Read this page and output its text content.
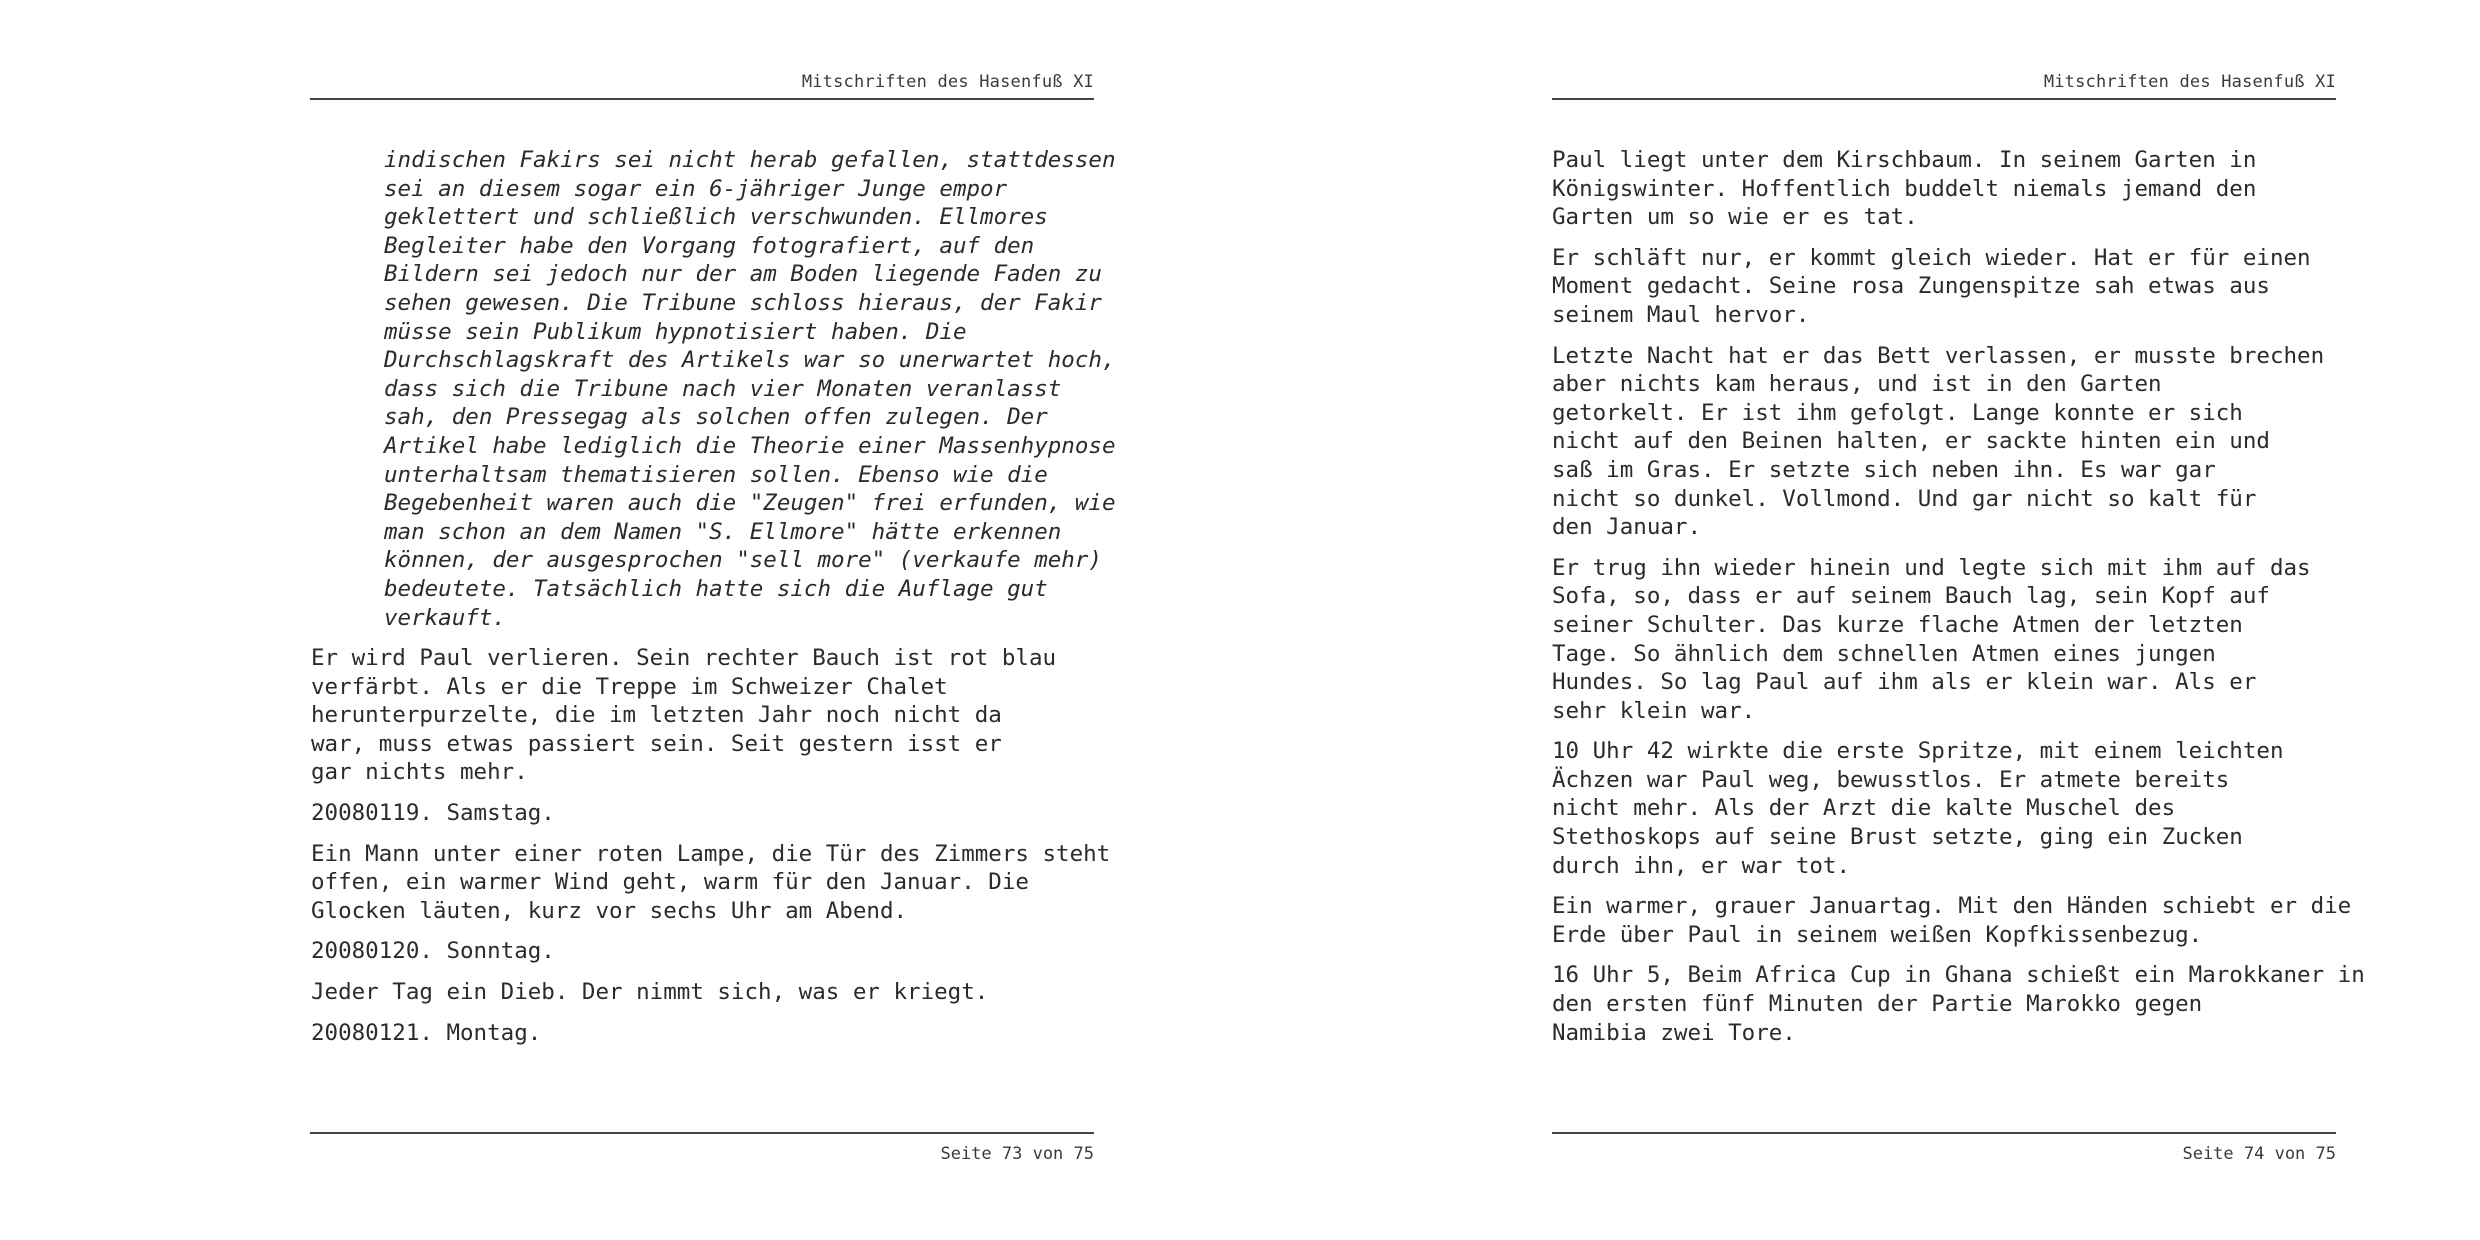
Mitschriften des Hasenfuß XI
indischen Fakirs sei nicht herab gefallen, stattdessen
sei an diesem sogar ein 6-jähriger Junge empor
geklettert und schließlich verschwunden. Ellmores
Begleiter habe den Vorgang fotografiert, auf den
Bildern sei jedoch nur der am Boden liegende Faden zu
sehen gewesen. Die Tribune schloss hieraus, der Fakir
müsse sein Publikum hypnotisiert haben. Die
Durchschlagskraft des Artikels war so unerwartet hoch,
dass sich die Tribune nach vier Monaten veranlasst
sah, den Pressegag als solchen offen zulegen. Der
Artikel habe lediglich die Theorie einer Massenhypnose
unterhaltsam thematisieren sollen. Ebenso wie die
Begebenheit waren auch die "Zeugen" frei erfunden, wie
man schon an dem Namen "S. Ellmore" hätte erkennen
können, der ausgesprochen "sell more" (verkaufe mehr)
bedeutete. Tatsächlich hatte sich die Auflage gut
verkauft.
Er wird Paul verlieren. Sein rechter Bauch ist rot blau
verfärbt. Als er die Treppe im Schweizer Chalet
herunterpurzelte, die im letzten Jahr noch nicht da
war, muss etwas passiert sein. Seit gestern isst er
gar nichts mehr.
20080119. Samstag.
Ein Mann unter einer roten Lampe, die Tür des Zimmers steht
offen, ein warmer Wind geht, warm für den Januar. Die
Glocken läuten, kurz vor sechs Uhr am Abend.
20080120. Sonntag.
Jeder Tag ein Dieb. Der nimmt sich, was er kriegt.
20080121. Montag.
Seite 73 von 75
Mitschriften des Hasenfuß XI
Paul liegt unter dem Kirschbaum. In seinem Garten in
Königswinter. Hoffentlich buddelt niemals jemand den
Garten um so wie er es tat.
Er schläft nur, er kommt gleich wieder. Hat er für einen
Moment gedacht. Seine rosa Zungenspitze sah etwas aus
seinem Maul hervor.
Letzte Nacht hat er das Bett verlassen, er musste brechen
aber nichts kam heraus, und ist in den Garten
getorkelt. Er ist ihm gefolgt. Lange konnte er sich
nicht auf den Beinen halten, er sackte hinten ein und
saß im Gras. Er setzte sich neben ihn. Es war gar
nicht so dunkel. Vollmond. Und gar nicht so kalt für
den Januar.
Er trug ihn wieder hinein und legte sich mit ihm auf das
Sofa, so, dass er auf seinem Bauch lag, sein Kopf auf
seiner Schulter. Das kurze flache Atmen der letzten
Tage. So ähnlich dem schnellen Atmen eines jungen
Hundes. So lag Paul auf ihm als er klein war. Als er
sehr klein war.
10 Uhr 42 wirkte die erste Spritze, mit einem leichten
Ächzen war Paul weg, bewusstlos. Er atmete bereits
nicht mehr. Als der Arzt die kalte Muschel des
Stethoskops auf seine Brust setzte, ging ein Zucken
durch ihn, er war tot.
Ein warmer, grauer Januartag. Mit den Händen schiebt er die
Erde über Paul in seinem weißen Kopfkissenbezug.
16 Uhr 5, Beim Africa Cup in Ghana schießt ein Marokkaner in
den ersten fünf Minuten der Partie Marokko gegen
Namibia zwei Tore.
Seite 74 von 75
